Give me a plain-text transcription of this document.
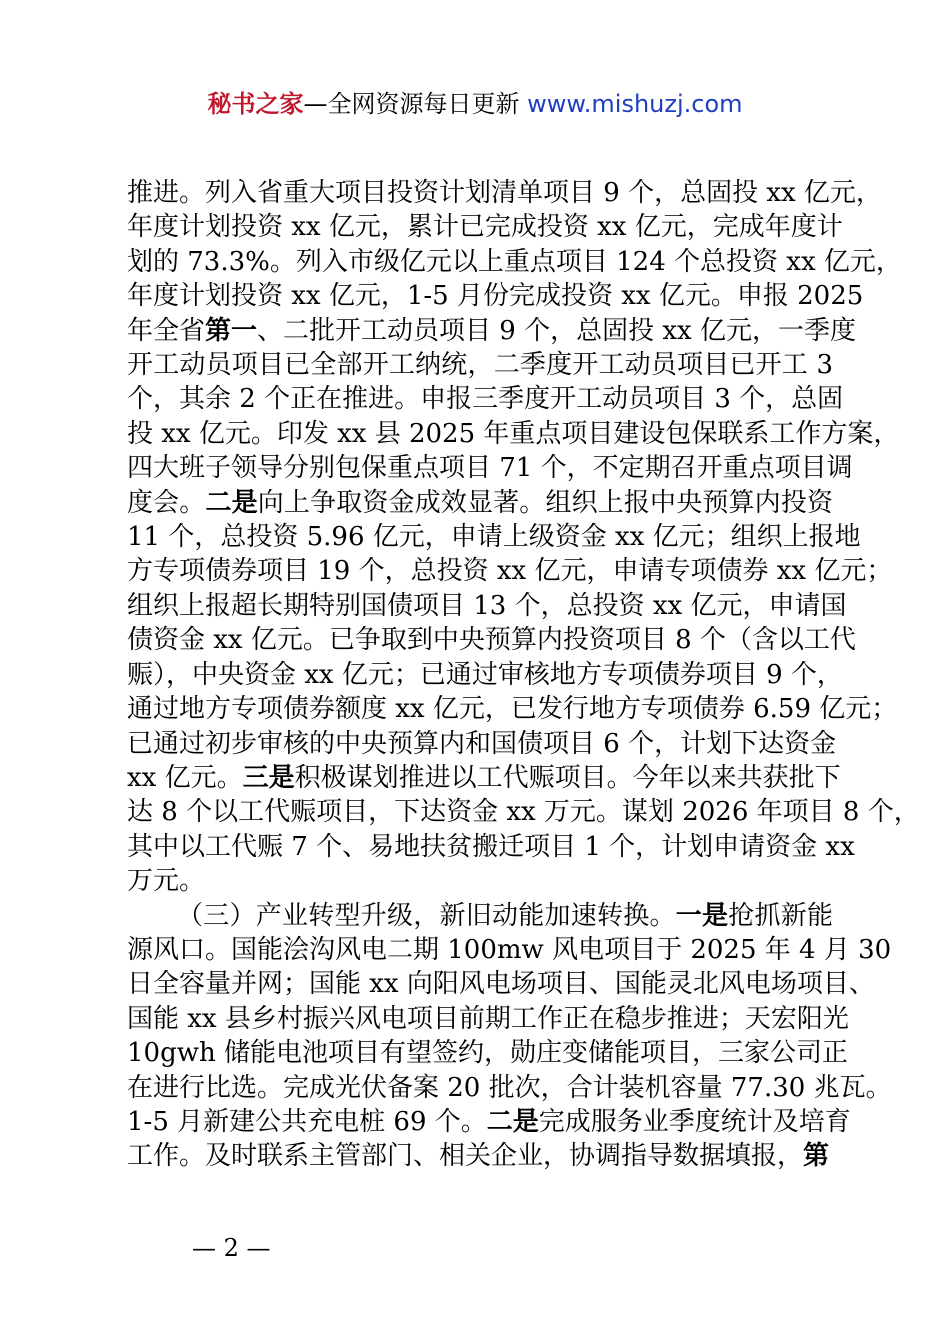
秘书之家—全网资源每日更新 www.mishuzj.com
推进。列入省重大项目投资计划清单项目 9 个，总固投 xx 亿元，
年度计划投资 xx 亿元，累计已完成投资 xx 亿元，完成年度计
划的 73.3%。列入市级亿元以上重点项目 124 个总投资 xx 亿元，
年度计划投资 xx 亿元，1-5 月份完成投资 xx 亿元。申报 2025
年全省第一、二批开工动员项目 9 个，总固投 xx 亿元，一季度
开工动员项目已全部开工纳统，二季度开工动员项目已开工 3
个，其余 2 个正在推进。申报三季度开工动员项目 3 个，总固
投 xx 亿元。印发 xx 县 2025 年重点项目建设包保联系工作方案，
四大班子领导分别包保重点项目 71 个，不定期召开重点项目调
度会。二是向上争取资金成效显著。组织上报中央预算内投资
11 个，总投资 5.96 亿元，申请上级资金 xx 亿元；组织上报地
方专项债券项目 19 个，总投资 xx 亿元，申请专项债券 xx 亿元；
组织上报超长期特别国债项目 13 个，总投资 xx 亿元，申请国
债资金 xx 亿元。已争取到中央预算内投资项目 8 个（含以工代
赈），中央资金 xx 亿元；已通过审核地方专项债券项目 9 个，
通过地方专项债券额度 xx 亿元，已发行地方专项债券 6.59 亿元；
已通过初步审核的中央预算内和国债项目 6 个，计划下达资金
xx 亿元。三是积极谋划推进以工代赈项目。今年以来共获批下
达 8 个以工代赈项目，下达资金 xx 万元。谋划 2026 年项目 8 个，
其中以工代赈 7 个、易地扶贫搬迁项目 1 个，计划申请资金 xx
万元。
（三）产业转型升级，新旧动能加速转换。一是抢抓新能
源风口。国能浍沟风电二期 100mw 风电项目于 2025 年 4 月 30
日全容量并网；国能 xx 向阳风电场项目、国能灵北风电场项目、
国能 xx 县乡村振兴风电项目前期工作正在稳步推进；天宏阳光
10gwh 储能电池项目有望签约，勋庄变储能项目，三家公司正
在进行比选。完成光伏备案 20 批次，合计装机容量 77.30 兆瓦。
1-5 月新建公共充电桩 69 个。二是完成服务业季度统计及培育
工作。及时联系主管部门、相关企业，协调指导数据填报，第
— 2 —
